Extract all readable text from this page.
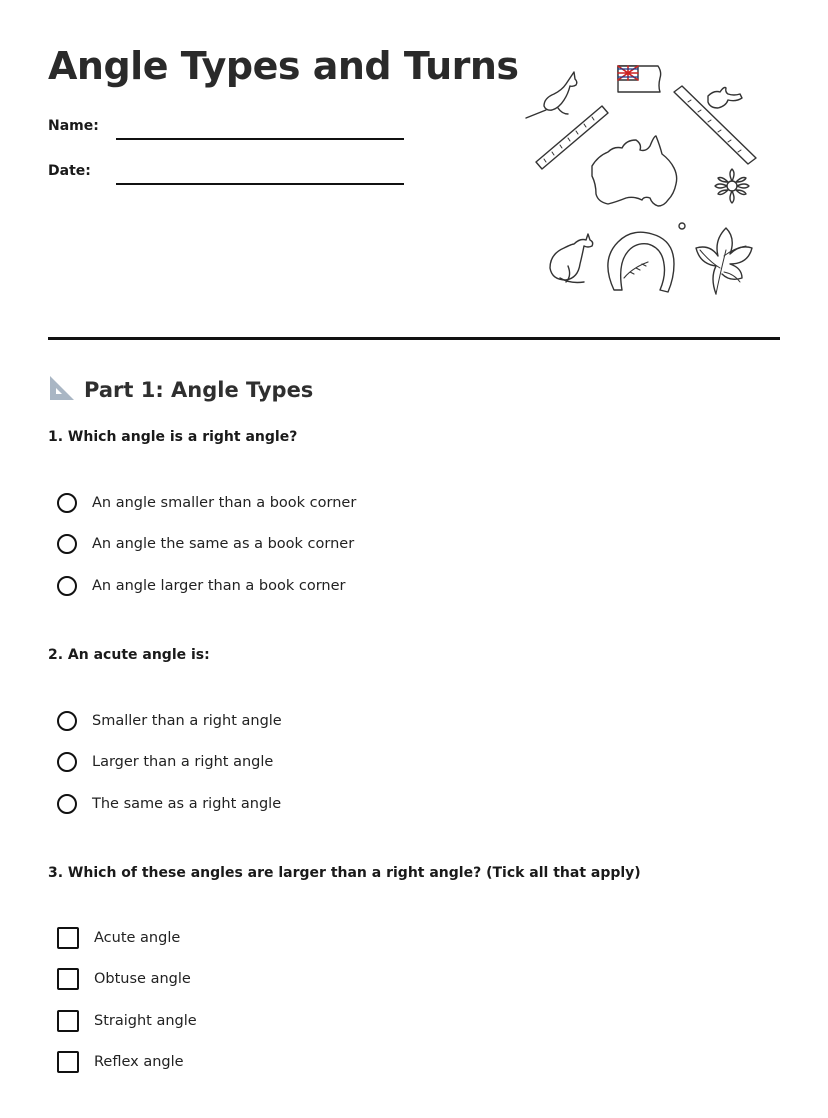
Angle Types and Turns
Name:
Date:
Part 1: Angle Types

1. Which angle is a right angle?

An angle smaller than a book corner
An angle the same as a book corner
An angle larger than a book corner

2. An acute angle is:

Smaller than a right angle
Larger than a right angle
The same as a right angle

3. Which of these angles are larger than a right angle? (Tick all that apply)

Acute angle
Obtuse angle
Straight angle
Reflex angle
